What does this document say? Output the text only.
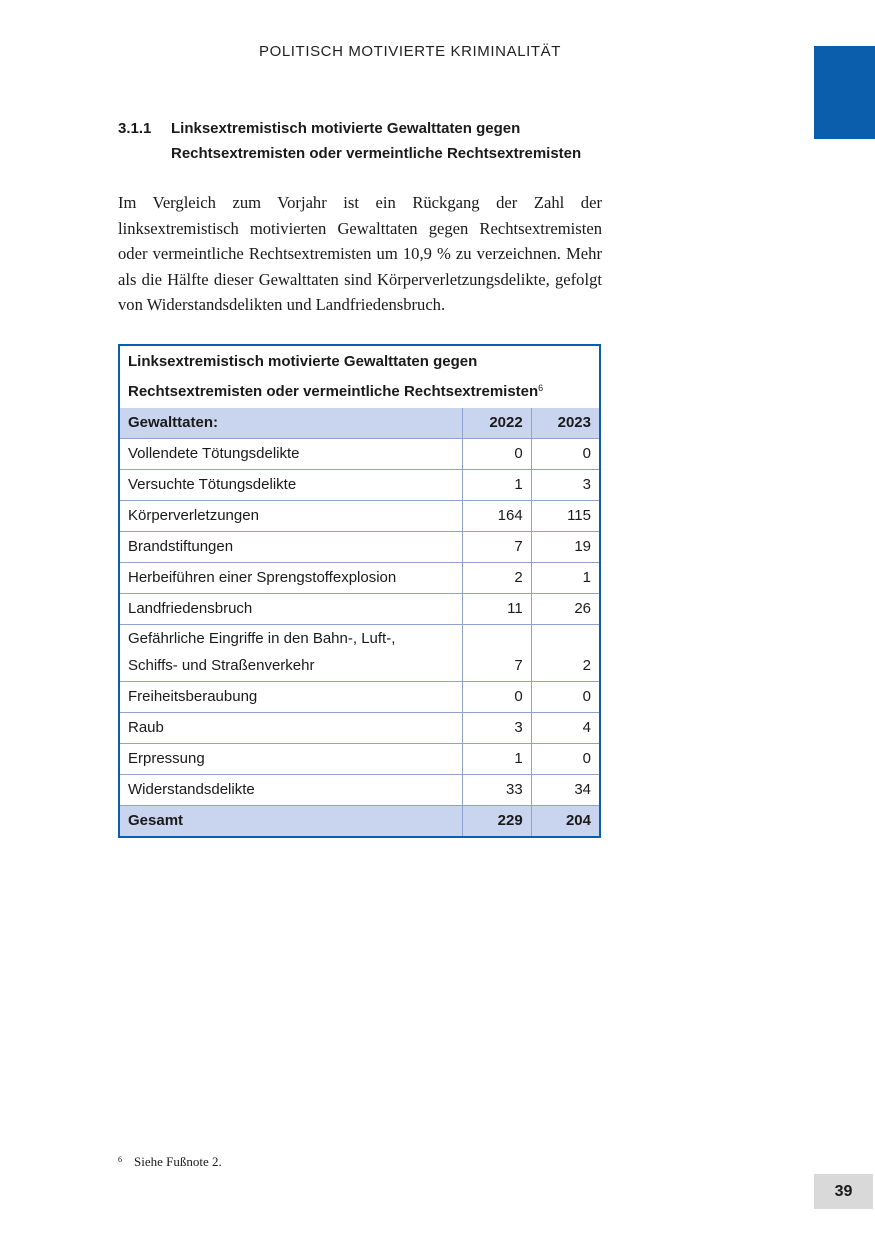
POLITISCH MOTIVIERTE KRIMINALITÄT
3.1.1	Linksextremistisch motivierte Gewalttaten gegen
Rechtsextremisten oder vermeintliche Rechtsextremisten

Im Vergleich zum Vorjahr ist ein Rückgang der Zahl der linksextremistisch motivierten Gewalttaten gegen Rechtsextremisten oder vermeintliche Rechtsextremisten um 10,9 % zu verzeichnen. Mehr als die Hälfte dieser Gewalttaten sind Körperverletzungsdelikte, gefolgt von Widerstandsdelikten und Landfriedensbruch.

Linksextremistisch motivierte Gewalttaten gegen
Rechtsextremisten oder vermeintliche Rechtsextremisten$^6$
Gewalttaten:	2022	2023
Vollendete Tötungsdelikte	0	0
Versuchte Tötungsdelikte	1	3
Körperverletzungen	164	115
Brandstiftungen	7	19
Herbeiführen einer Sprengstoffexplosion	2	1
Landfriedensbruch	11	26
Gefährliche Eingriffe in den Bahn-, Luft-,
Schiffs- und Straßenverkehr	7	2
Freiheitsberaubung	0	0
Raub	3	4
Erpressung	1	0
Widerstandsdelikte	33	34
Gesamt	229	204
$^6$ Siehe Fußnote 2.
39
